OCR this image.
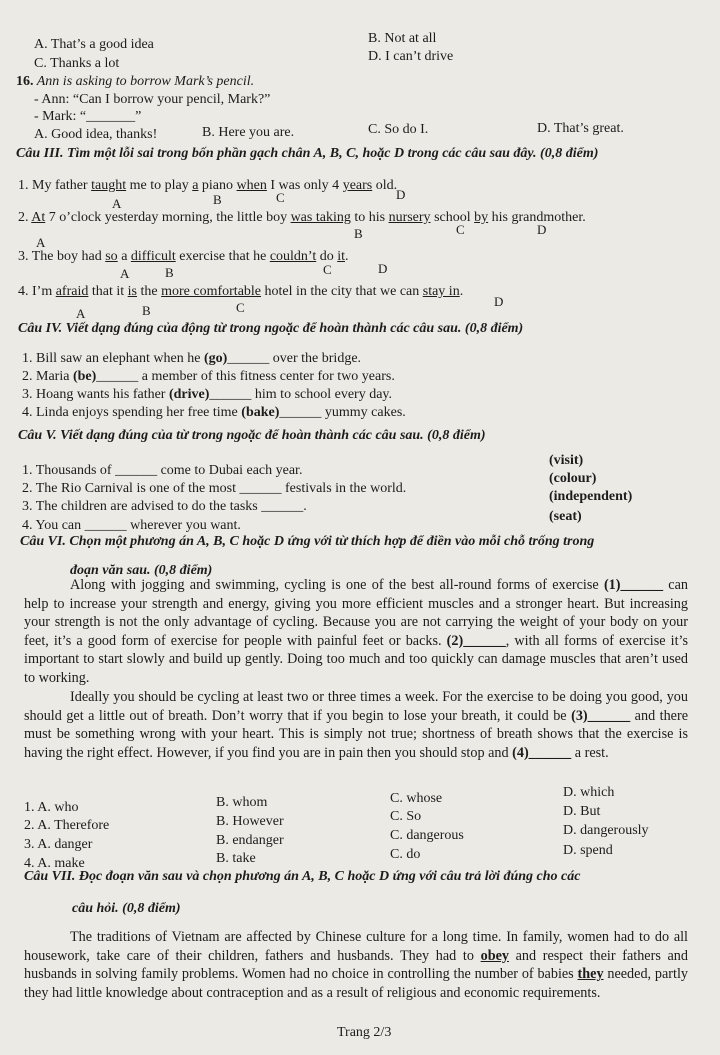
A. That’s a good idea	B. Not at all
C. Thanks a lot	D. I can’t drive
16. Ann is asking to borrow Mark’s pencil.
- Ann: “Can I borrow your pencil, Mark?”
- Mark: “_______”
A. Good idea, thanks!	B. Here you are.	C. So do I.	D. That’s great.
Câu III. Tìm một lỗi sai trong bốn phần gạch chân A, B, C, hoặc D trong các câu sau đây. (0,8 điểm)
1. My father taught me to play a piano when I was only 4 years old.
A	B	C	D
2. At 7 o’clock yesterday morning, the little boy was taking to his nursery school by his grandmother.
A
B	C	D
3. The boy had so a difficult exercise that he couldn’t do it.
A	B	C	D
4. I’m afraid that it is the more comfortable hotel in the city that we can stay in.
A	B	C	D
Câu IV. Viết dạng đúng của động từ trong ngoặc để hoàn thành các câu sau. (0,8 điểm)
1. Bill saw an elephant when he (go)______ over the bridge.
2. Maria (be)______ a member of this fitness center for two years.
3. Hoang wants his father (drive)______ him to school every day.
4. Linda enjoys spending her free time (bake)______ yummy cakes.
Câu V. Viết dạng đúng của từ trong ngoặc để hoàn thành các câu sau. (0,8 điểm)
1. Thousands of ______ come to Dubai each year.
2. The Rio Carnival is one of the most ______ festivals in the world.
3. The children are advised to do the tasks ______.
4. You can ______ wherever you want.
(visit)
(colour)
(independent)
(seat)
Câu VI. Chọn một phương án A, B, C hoặc D ứng với từ thích hợp để điền vào mỗi chỗ trống trong
đoạn văn sau. (0,8 điểm)

Along with jogging and swimming, cycling is one of the best all-round forms of exercise (1)______ can help to increase your strength and energy, giving you more efficient muscles and a stronger heart. But increasing your strength is not the only advantage of cycling. Because you are not carrying the weight of your body on your feet, it’s a good form of exercise for people with painful feet or backs. (2)______, with all forms of exercise it’s important to start slowly and build up gently. Doing too much and too quickly can damage muscles that aren’t used to working.

Ideally you should be cycling at least two or three times a week. For the exercise to be doing you good, you should get a little out of breath. Don’t worry that if you begin to lose your breath, it could be (3)______ and there must be something wrong with your heart. This is simply not true; shortness of breath shows that the exercise is having the right effect. However, if you find you are in pain then you should stop and (4)______ a rest.

1. A. who	B. whom	C. whose	D. which
2. A. Therefore	B. However	C. So	D. But
3. A. danger	B. endanger	C. dangerous	D. dangerously
4. A. make	B. take	C. do	D. spend
Câu VII. Đọc đoạn văn sau và chọn phương án A, B, C hoặc D ứng với câu trả lời đúng cho các
câu hỏi. (0,8 điểm)

The traditions of Vietnam are affected by Chinese culture for a long time. In family, women had to do all housework, take care of their children, fathers and husbands. They had to obey and respect their fathers and husbands in solving family problems. Women had no choice in controlling the number of babies they needed, partly they had little knowledge about contraception and as a result of religious and economic requirements.

Trang 2/3
